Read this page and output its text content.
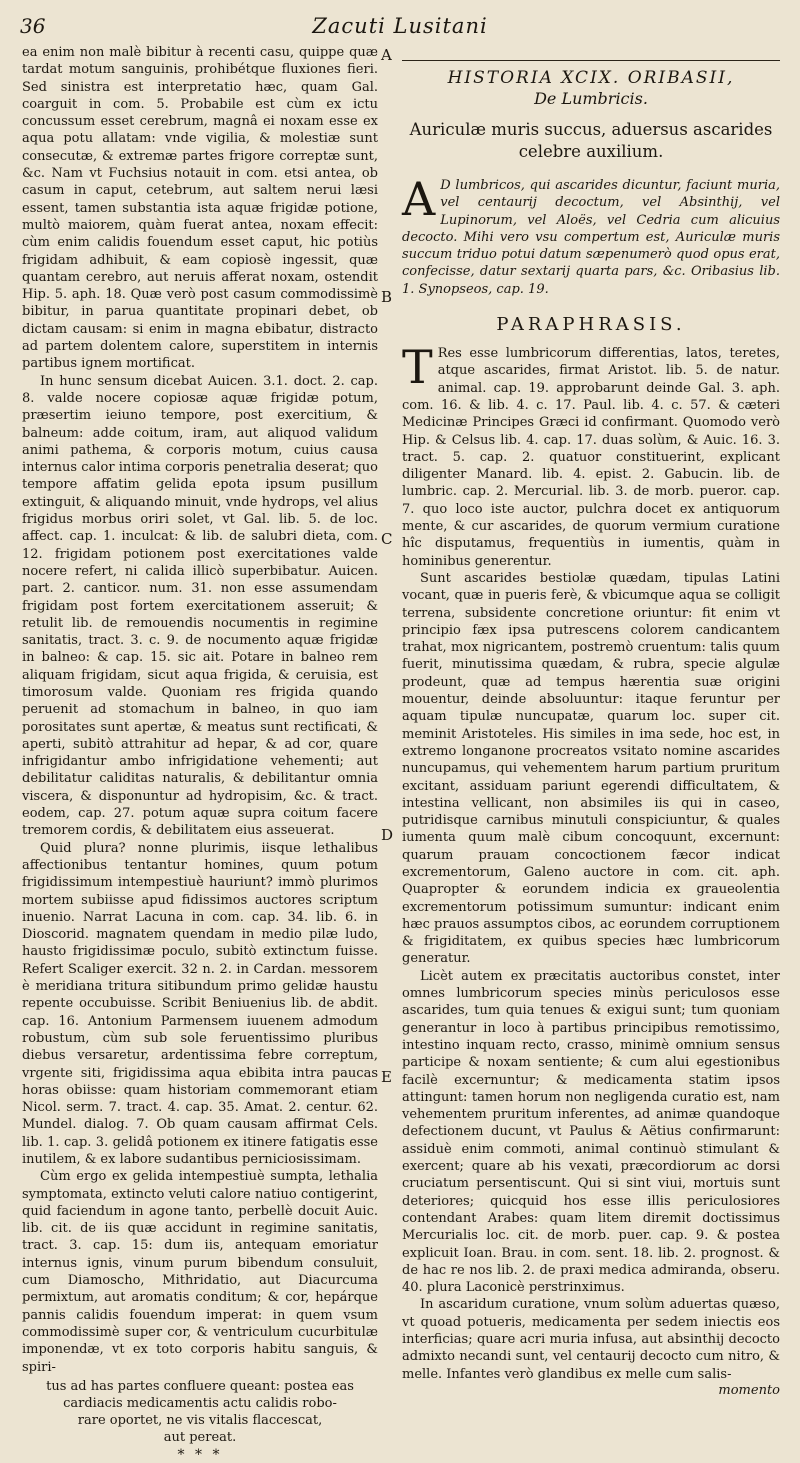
36	Zacuti Lusitani
A
B
C
D
E

ea enim non malè bibitur à recenti casu, quippe quæ tardat motum sanguinis, prohibétque fluxiones fieri. Sed sinistra est interpretatio hæc, quam Gal. coarguit in com. 5. Probabile est cùm ex ictu concussum esset cerebrum, magnâ ei noxam esse ex aqua potu allatam: vnde vigilia, & molestiæ sunt consecutæ, & extremæ partes frigore correptæ sunt, &c. Nam vt Fuchsius notauit in com. etsi antea, ob casum in caput, cetebrum, aut saltem nerui læsi essent, tamen substantia ista aquæ frigidæ potione, multò maiorem, quàm fuerat antea, noxam effecit: cùm enim calidis fouendum esset caput, hic potiùs frigidam adhibuit, & eam copiosè ingessit, quæ quantam cerebro, aut neruis afferat noxam, ostendit Hip. 5. aph. 18. Quæ verò post casum commodissimè bibitur, in parua quantitate propinari debet, ob dictam causam: si enim in magna ebibatur, distracto ad partem dolentem calore, superstitem in internis partibus ignem mortificat.

In hunc sensum dicebat Auicen. 3.1. doct. 2. cap. 8. valde nocere copiosæ aquæ frigidæ potum, præsertim ieiuno tempore, post exercitium, & balneum: adde coitum, iram, aut aliquod validum animi pathema, & corporis motum, cuius causa internus calor intima corporis penetralia deserat; quo tempore affatim gelida epota ipsum pusillum extinguit, & aliquando minuit, vnde hydrops, vel alius frigidus morbus oriri solet, vt Gal. lib. 5. de loc. affect. cap. 1. inculcat: & lib. de salubri dieta, com. 12. frigidam potionem post exercitationes valde nocere refert, ni calida illicò superbibatur. Auicen. part. 2. canticor. num. 31. non esse assumendam frigidam post fortem exercitationem asseruit; & retulit lib. de remouendis nocumentis in regimine sanitatis, tract. 3. c. 9. de nocumento aquæ frigidæ in balneo: & cap. 15. sic ait. Potare in balneo rem aliquam frigidam, sicut aqua frigida, & ceruisia, est timorosum valde. Quoniam res frigida quando peruenit ad stomachum in balneo, in quo iam porositates sunt apertæ, & meatus sunt rectificati, & aperti, subitò attrahitur ad hepar, & ad cor, quare infrigidantur ambo infrigidatione vehementi; aut debilitatur caliditas naturalis, & debilitantur omnia viscera, & disponuntur ad hydropisim, &c. & tract. eodem, cap. 27. potum aquæ supra coitum facere tremorem cordis, & debilitatem eius asseuerat.

Quid plura? nonne plurimis, iisque lethalibus affectionibus tentantur homines, quum potum frigidissimum intempestiuè hauriunt? immò plurimos mortem subiisse apud fidissimos auctores scriptum inuenio. Narrat Lacuna in com. cap. 34. lib. 6. in Dioscorid. magnatem quendam in medio pilæ ludo, hausto frigidissimæ poculo, subitò extinctum fuisse. Refert Scaliger exercit. 32 n. 2. in Cardan. messorem è meridiana tritura sitibundum primo gelidæ haustu repente occubuisse. Scribit Beniuenius lib. de abdit. cap. 16. Antonium Parmensem iuuenem admodum robustum, cùm sub sole feruentissimo pluribus diebus versaretur, ardentissima febre correptum, vrgente siti, frigidissima aqua ebibita intra paucas horas obiisse: quam historiam commemorant etiam Nicol. serm. 7. tract. 4. cap. 35. Amat. 2. centur. 62. Mundel. dialog. 7. Ob quam causam affirmat Cels. lib. 1. cap. 3. gelidâ potionem ex itinere fatigatis esse inutilem, & ex labore sudantibus perniciosissimam.

Cùm ergo ex gelida intempestiuè sumpta, lethalia symptomata, extincto veluti calore natiuo contigerint, quid faciendum in agone tanto, perbellè docuit Auic. lib. cit. de iis quæ accidunt in regimine sanitatis, tract. 3. cap. 15: dum iis, antequam emoriatur internus ignis, vinum purum bibendum consuluit, cum Diamoscho, Mithridatio, aut Diacurcuma permixtum, aut aromatis conditum; & cor, hepárque pannis calidis fouendum imperat: in quem vsum commodissimè super cor, & ventriculum cucurbitulæ imponendæ, vt ex toto corporis habitu sanguis, & spiri-

tus ad has partes confluere queant: postea eas
cardiacis medicamentis actu calidis robo-
rare oportet, ne vis vitalis flaccescat,
aut pereat.
* * *
HISTORIA XCIX. ORIBASII,
De Lumbricis.
Auriculæ muris succus, aduersus ascarides celebre auxilium.
A D lumbricos, qui ascarides dicuntur, faciunt muria, vel centaurij decoctum, vel Absinthij, vel Lupinorum, vel Aloës, vel Cedria cum alicuius decocto. Mihi vero vsu compertum est, Auriculæ muris succum triduo potui datum sæpenumerò quod opus erat, confecisse, datur sextarij quarta pars, &c. Oribasius lib. 1. Synopseos, cap. 19.
PARAPHRASIS.

T Res esse lumbricorum differentias, latos, teretes, atque ascarides, firmat Aristot. lib. 5. de natur. animal. cap. 19. approbarunt deinde Gal. 3. aph. com. 16. & lib. 4. c. 17. Paul. lib. 4. c. 57. & cæteri Medicinæ Principes Græci id confirmant. Quomodo verò Hip. & Celsus lib. 4. cap. 17. duas solùm, & Auic. 16. 3. tract. 5. cap. 2. quatuor constituerint, explicant diligenter Manard. lib. 4. epist. 2. Gabucin. lib. de lumbric. cap. 2. Mercurial. lib. 3. de morb. pueror. cap. 7. quo loco iste auctor, pulchra docet ex antiquorum mente, & cur ascarides, de quorum vermium curatione hîc disputamus, frequentiùs in iumentis, quàm in hominibus generentur.

Sunt ascarides bestiolæ quædam, tipulas Latini vocant, quæ in pueris ferè, & vbicumque aqua se colligit terrena, subsidente concretione oriuntur: fit enim vt principio fæx ipsa putrescens colorem candicantem trahat, mox nigricantem, postremò cruentum: talis quum fuerit, minutissima quædam, & rubra, specie algulæ prodeunt, quæ ad tempus hærentia suæ origini mouentur, deinde absoluuntur: itaque feruntur per aquam tipulæ nuncupatæ, quarum loc. super cit. meminit Aristoteles. His similes in ima sede, hoc est, in extremo longanone procreatos vsitato nomine ascarides nuncupamus, qui vehementem harum partium pruritum excitant, assiduam pariunt egerendi difficultatem, & intestina vellicant, non absimiles iis qui in caseo, putridisque carnibus minutuli conspiciuntur, & quales iumenta quum malè cibum concoquunt, excernunt: quarum prauam concoctionem fæcor indicat excrementorum, Galeno auctore in com. cit. aph. Quapropter & eorundem indicia ex graueolentia excrementorum potissimum sumuntur: indicant enim hæc prauos assumptos cibos, ac eorundem corruptionem & frigiditatem, ex quibus species hæc lumbricorum generatur.

Licèt autem ex præcitatis auctoribus constet, inter omnes lumbricorum species minùs periculosos esse ascarides, tum quia tenues & exigui sunt; tum quoniam generantur in loco à partibus principibus remotissimo, intestino inquam recto, crasso, minimè omnium sensus participe & noxam sentiente; & cum alui egestionibus facilè excernuntur; & medicamenta statim ipsos attingunt: tamen horum non negligenda curatio est, nam vehementem pruritum inferentes, ad animæ quandoque defectionem ducunt, vt Paulus & Aëtius confirmarunt: assiduè enim commoti, animal continuò stimulant & exercent; quare ab his vexati, præcordiorum ac dorsi cruciatum persentiscunt. Qui si sint viui, mortuis sunt deteriores; quicquid hos esse illis periculosiores contendant Arabes: quam litem diremit doctissimus Mercurialis loc. cit. de morb. puer. cap. 9. & postea explicuit Ioan. Brau. in com. sent. 18. lib. 2. prognost. & de hac re nos lib. 2. de praxi medica admiranda, obseru. 40. plura Laconicè perstrinximus.

In ascaridum curatione, vnum solùm aduertas quæso, vt quoad potueris, medicamenta per sedem iniectis eos interficias; quare acri muria infusa, aut absinthij decocto admixto necandi sunt, vel centaurij decocto cum nitro, & melle. Infantes verò glandibus ex melle cum salis-

momento
